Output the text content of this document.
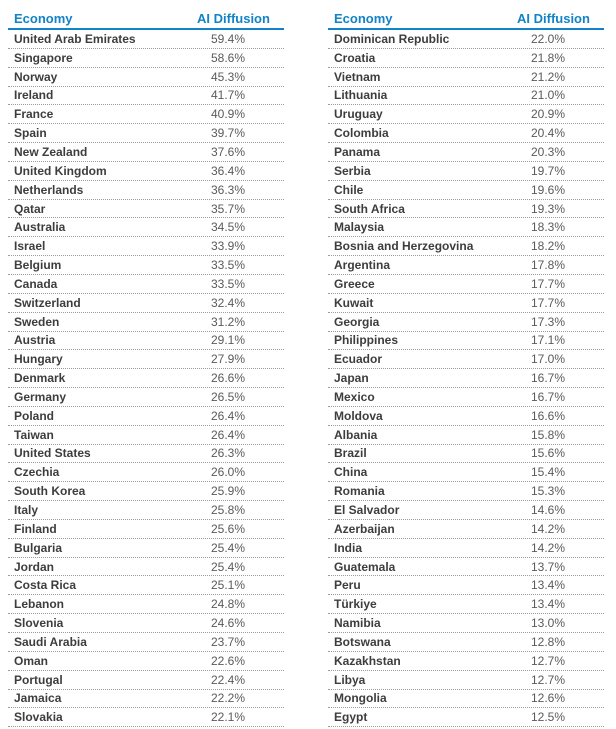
Economy	AI Diffusion
United Arab Emirates	59.4%
Singapore	58.6%
Norway	45.3%
Ireland	41.7%
France	40.9%
Spain	39.7%
New Zealand	37.6%
United Kingdom	36.4%
Netherlands	36.3%
Qatar	35.7%
Australia	34.5%
Israel	33.9%
Belgium	33.5%
Canada	33.5%
Switzerland	32.4%
Sweden	31.2%
Austria	29.1%
Hungary	27.9%
Denmark	26.6%
Germany	26.5%
Poland	26.4%
Taiwan	26.4%
United States	26.3%
Czechia	26.0%
South Korea	25.9%
Italy	25.8%
Finland	25.6%
Bulgaria	25.4%
Jordan	25.4%
Costa Rica	25.1%
Lebanon	24.8%
Slovenia	24.6%
Saudi Arabia	23.7%
Oman	22.6%
Portugal	22.4%
Jamaica	22.2%
Slovakia	22.1%
Economy	AI Diffusion
Dominican Republic	22.0%
Croatia	21.8%
Vietnam	21.2%
Lithuania	21.0%
Uruguay	20.9%
Colombia	20.4%
Panama	20.3%
Serbia	19.7%
Chile	19.6%
South Africa	19.3%
Malaysia	18.3%
Bosnia and Herzegovina	18.2%
Argentina	17.8%
Greece	17.7%
Kuwait	17.7%
Georgia	17.3%
Philippines	17.1%
Ecuador	17.0%
Japan	16.7%
Mexico	16.7%
Moldova	16.6%
Albania	15.8%
Brazil	15.6%
China	15.4%
Romania	15.3%
El Salvador	14.6%
Azerbaijan	14.2%
India	14.2%
Guatemala	13.7%
Peru	13.4%
Türkiye	13.4%
Namibia	13.0%
Botswana	12.8%
Kazakhstan	12.7%
Libya	12.7%
Mongolia	12.6%
Egypt	12.5%
